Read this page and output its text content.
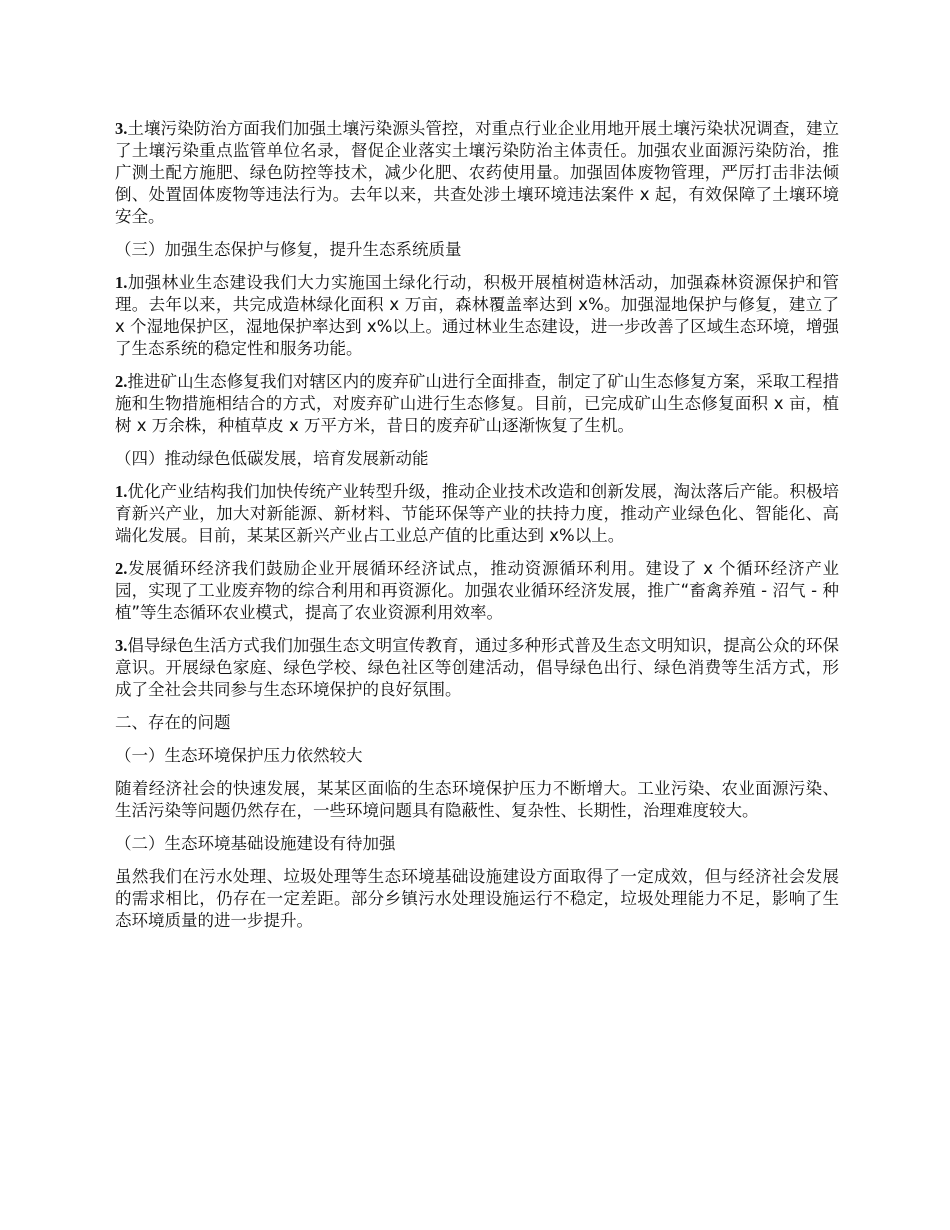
3.土壤污染防治方面我们加强土壤污染源头管控，对重点行业企业用地开展土壤污染状况调查，建立了土壤污染重点监管单位名录，督促企业落实土壤污染防治主体责任。加强农业面源污染防治，推广测土配方施肥、绿色防控等技术，减少化肥、农药使用量。加强固体废物管理，严厉打击非法倾倒、处置固体废物等违法行为。去年以来，共查处涉土壤环境违法案件 x 起，有效保障了土壤环境安全。

（三）加强生态保护与修复，提升生态系统质量

1.加强林业生态建设我们大力实施国土绿化行动，积极开展植树造林活动，加强森林资源保护和管理。去年以来，共完成造林绿化面积 x 万亩，森林覆盖率达到 x%。加强湿地保护与修复，建立了 x 个湿地保护区，湿地保护率达到 x%以上。通过林业生态建设，进一步改善了区域生态环境，增强了生态系统的稳定性和服务功能。

2.推进矿山生态修复我们对辖区内的废弃矿山进行全面排查，制定了矿山生态修复方案，采取工程措施和生物措施相结合的方式，对废弃矿山进行生态修复。目前，已完成矿山生态修复面积 x 亩，植树 x 万余株，种植草皮 x 万平方米，昔日的废弃矿山逐渐恢复了生机。

（四）推动绿色低碳发展，培育发展新动能

1.优化产业结构我们加快传统产业转型升级，推动企业技术改造和创新发展，淘汰落后产能。积极培育新兴产业，加大对新能源、新材料、节能环保等产业的扶持力度，推动产业绿色化、智能化、高端化发展。目前，某某区新兴产业占工业总产值的比重达到 x%以上。

2.发展循环经济我们鼓励企业开展循环经济试点，推动资源循环利用。建设了 x 个循环经济产业园，实现了工业废弃物的综合利用和再资源化。加强农业循环经济发展，推广“畜禽养殖 - 沼气 - 种植”等生态循环农业模式，提高了农业资源利用效率。

3.倡导绿色生活方式我们加强生态文明宣传教育，通过多种形式普及生态文明知识，提高公众的环保意识。开展绿色家庭、绿色学校、绿色社区等创建活动，倡导绿色出行、绿色消费等生活方式，形成了全社会共同参与生态环境保护的良好氛围。

二、存在的问题

（一）生态环境保护压力依然较大

随着经济社会的快速发展，某某区面临的生态环境保护压力不断增大。工业污染、农业面源污染、生活污染等问题仍然存在，一些环境问题具有隐蔽性、复杂性、长期性，治理难度较大。

（二）生态环境基础设施建设有待加强

虽然我们在污水处理、垃圾处理等生态环境基础设施建设方面取得了一定成效，但与经济社会发展的需求相比，仍存在一定差距。部分乡镇污水处理设施运行不稳定，垃圾处理能力不足，影响了生态环境质量的进一步提升。
